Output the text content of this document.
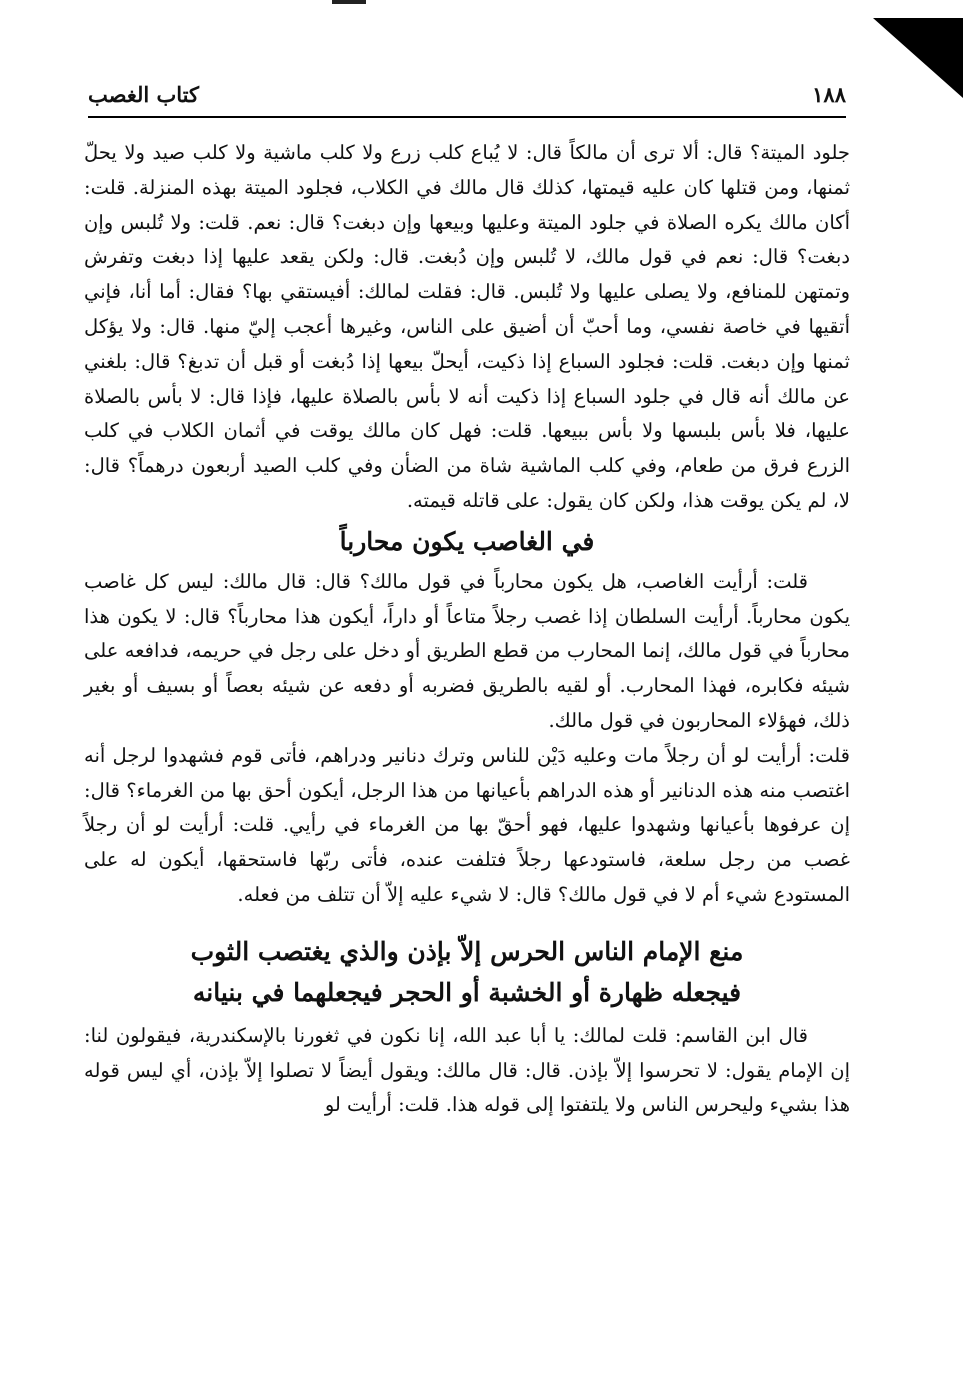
١٨٨
كتاب الغصب

جلود الميتة؟ قال: ألا ترى أن مالكاً قال: لا يُباع كلب زرع ولا كلب ماشية ولا كلب صيد ولا يحلّ ثمنها، ومن قتلها كان عليه قيمتها، كذلك قال مالك في الكلاب، فجلود الميتة بهذه المنزلة. قلت: أكان مالك يكره الصلاة في جلود الميتة وعليها وبيعها وإن دبغت؟ قال: نعم. قلت: ولا تُلبس وإن دبغت؟ قال: نعم في قول مالك، لا تُلبس وإن دُبغت. قال: ولكن يقعد عليها إذا دبغت وتفرش وتمتهن للمنافع، ولا يصلى عليها ولا تُلبس. قال: فقلت لمالك: أفيستقي بها؟ فقال: أما أنا، فإني أتقيها في خاصة نفسي، وما أحبّ أن أضيق على الناس، وغيرها أعجب إليّ منها. قال: ولا يؤكل ثمنها وإن دبغت. قلت: فجلود السباع إذا ذكيت، أيحلّ بيعها إذا دُبغت أو قبل أن تدبغ؟ قال: بلغني عن مالك أنه قال في جلود السباع إذا ذكيت أنه لا بأس بالصلاة عليها، فإذا قال: لا بأس بالصلاة عليها، فلا بأس بلبسها ولا بأس ببيعها. قلت: فهل كان مالك يوقت في أثمان الكلاب في كلب الزرع فرق من طعام، وفي كلب الماشية شاة من الضأن وفي كلب الصيد أربعون درهماً؟ قال: لا، لم يكن يوقت هذا، ولكن كان يقول: على قاتله قيمته.

في الغاصب يكون محارباً

قلت: أرأيت الغاصب، هل يكون محارباً في قول مالك؟ قال: قال مالك: ليس كل غاصب يكون محارباً. أرأيت السلطان إذا غصب رجلاً متاعاً أو داراً، أيكون هذا محارباً؟ قال: لا يكون هذا محارباً في قول مالك، إنما المحارب من قطع الطريق أو دخل على رجل في حريمه، فدافعه على شيئه فكابره، فهذا المحارب. أو لقيه بالطريق فضربه أو دفعه عن شيئه بعصاً أو بسيف أو بغير ذلك، فهؤلاء المحاربون في قول مالك.

قلت: أرأيت لو أن رجلاً مات وعليه دَيْن للناس وترك دنانير ودراهم، فأتى قوم فشهدوا لرجل أنه اغتصب منه هذه الدنانير أو هذه الدراهم بأعيانها من هذا الرجل، أيكون أحق بها من الغرماء؟ قال: إن عرفوها بأعيانها وشهدوا عليها، فهو أحقّ بها من الغرماء في رأيي. قلت: أرأيت لو أن رجلاً غصب من رجل سلعة، فاستودعها رجلاً فتلفت عنده، فأتى ربّها فاستحقها، أيكون له على المستودع شيء أم لا في قول مالك؟ قال: لا شيء عليه إلاّ أن تتلف من فعله.

منع الإمام الناس الحرس إلاّ بإذن والذي يغتصب الثوب
فيجعله ظهارة أو الخشبة أو الحجر فيجعلهما في بنيانه

قال ابن القاسم: قلت لمالك: يا أبا عبد الله، إنا نكون في ثغورنا بالإسكندرية، فيقولون لنا: إن الإمام يقول: لا تحرسوا إلاّ بإذن. قال: قال مالك: ويقول أيضاً لا تصلوا إلاّ بإذن، أي ليس قوله هذا بشيء وليحرس الناس ولا يلتفتوا إلى قوله هذا. قلت: أرأيت لو
